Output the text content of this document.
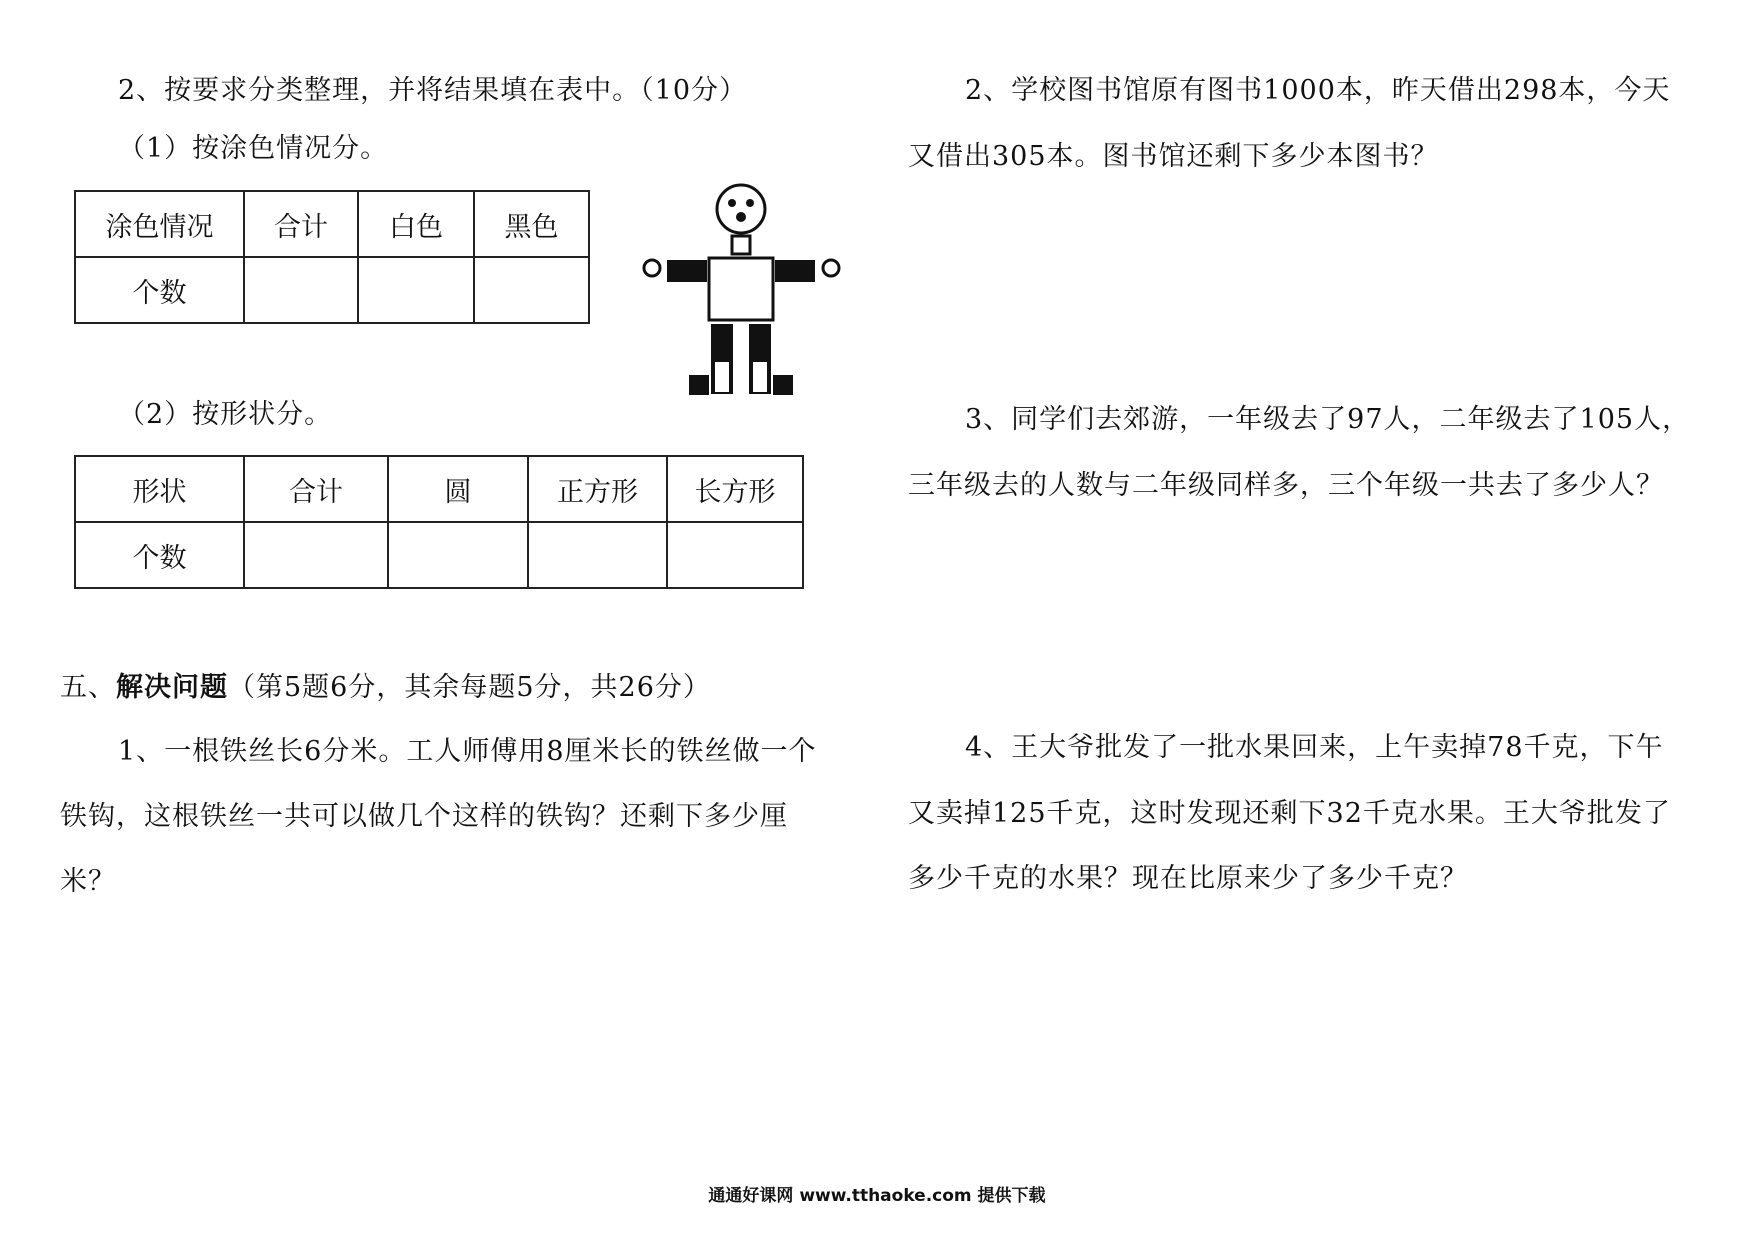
2、按要求分类整理，并将结果填在表中。（10分）
（1）按涂色情况分。
涂色情况	合计	白色	黑色
个数			
（2）按形状分。
形状	合计	圆	正方形	长方形
个数				
五、解决问题（第5题6分，其余每题5分，共26分）
1、一根铁丝长6分米。工人师傅用8厘米长的铁丝做一个
铁钩，这根铁丝一共可以做几个这样的铁钩？还剩下多少厘
米？
2、学校图书馆原有图书1000本，昨天借出298本，今天
又借出305本。图书馆还剩下多少本图书？
3、同学们去郊游，一年级去了97人，二年级去了105人，
三年级去的人数与二年级同样多，三个年级一共去了多少人？
4、王大爷批发了一批水果回来，上午卖掉78千克，下午
又卖掉125千克，这时发现还剩下32千克水果。王大爷批发了
多少千克的水果？现在比原来少了多少千克？
通通好课网 www.tthaoke.com 提供下载
